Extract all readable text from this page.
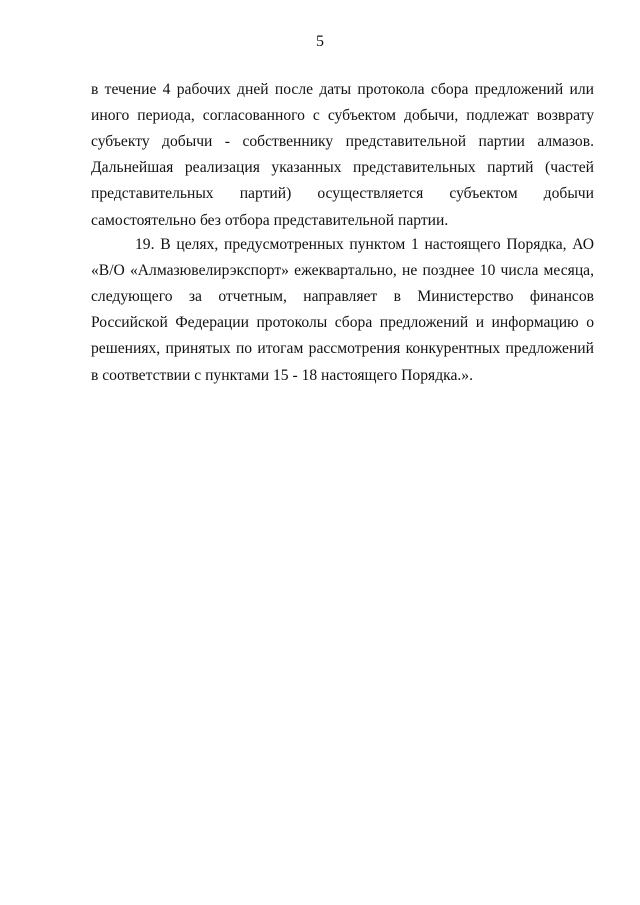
5

в течение 4 рабочих дней после даты протокола сбора предложений или иного периода, согласованного с субъектом добычи, подлежат возврату субъекту добычи - собственнику представительной партии алмазов. Дальнейшая реализация указанных представительных партий (частей представительных партий) осуществляется субъектом добычи самостоятельно без отбора представительной партии.

19. В целях, предусмотренных пунктом 1 настоящего Порядка, АО «В/О «Алмазювелирэкспорт» ежеквартально, не позднее 10 числа месяца, следующего за отчетным, направляет в Министерство финансов Российской Федерации протоколы сбора предложений и информацию о решениях, принятых по итогам рассмотрения конкурентных предложений в соответствии с пунктами 15 - 18 настоящего Порядка.».
